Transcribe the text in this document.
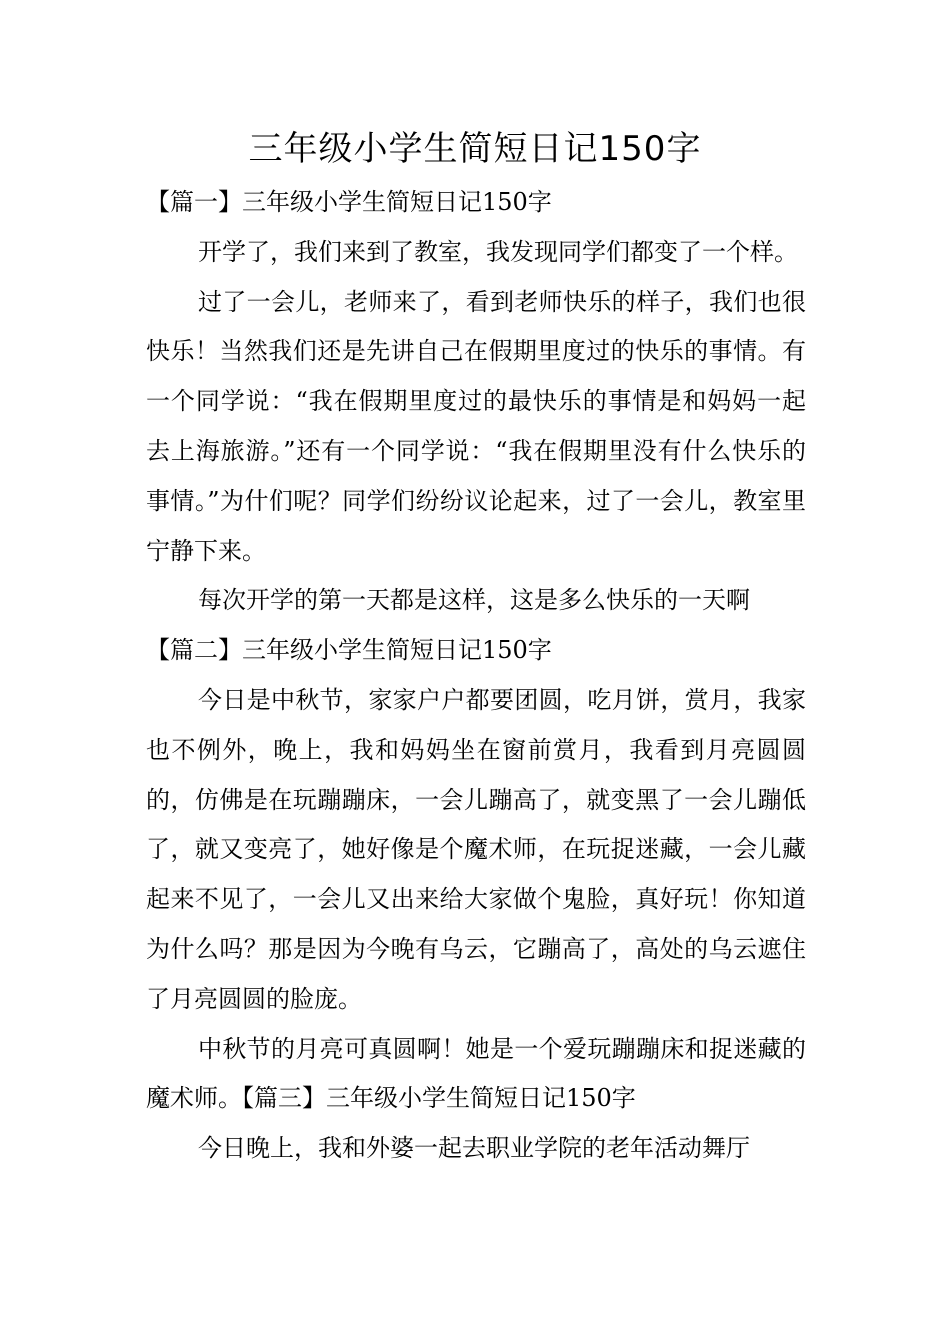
三年级小学生简短日记150字

【篇一】三年级小学生简短日记150字

开学了，我们来到了教室，我发现同学们都变了一个样。

过了一会儿，老师来了，看到老师快乐的样子，我们也很快乐！当然我们还是先讲自己在假期里度过的快乐的事情。有一个同学说：“我在假期里度过的最快乐的事情是和妈妈一起去上海旅游。”还有一个同学说：“我在假期里没有什么快乐的事情。”为什们呢？同学们纷纷议论起来，过了一会儿，教室里宁静下来。

每次开学的第一天都是这样，这是多么快乐的一天啊

【篇二】三年级小学生简短日记150字

今日是中秋节，家家户户都要团圆，吃月饼，赏月，我家也不例外，晚上，我和妈妈坐在窗前赏月，我看到月亮圆圆的，仿佛是在玩蹦蹦床，一会儿蹦高了，就变黑了一会儿蹦低了，就又变亮了，她好像是个魔术师，在玩捉迷藏，一会儿藏起来不见了，一会儿又出来给大家做个鬼脸，真好玩！你知道为什么吗？那是因为今晚有乌云，它蹦高了，高处的乌云遮住了月亮圆圆的脸庞。

中秋节的月亮可真圆啊！她是一个爱玩蹦蹦床和捉迷藏的魔术师。【篇三】三年级小学生简短日记150字

今日晚上，我和外婆一起去职业学院的老年活动舞厅
